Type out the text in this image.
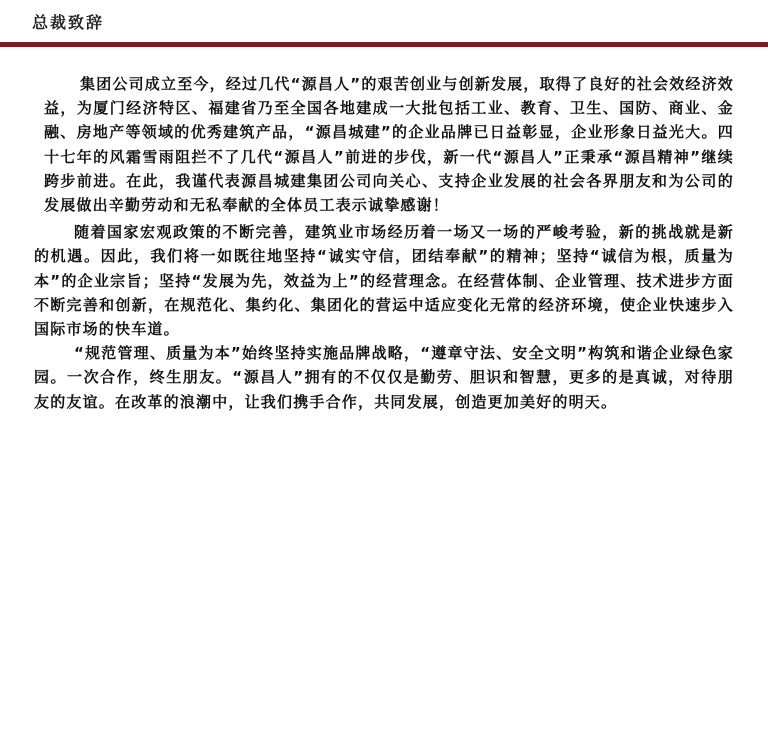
总裁致辞

集团公司成立至今，经过几代“源昌人”的艰苦创业与创新发展，取得了良好的社会效经济效益，为厦门经济特区、福建省乃至全国各地建成一大批包括工业、教育、卫生、国防、商业、金融、房地产等领域的优秀建筑产品，“源昌城建”的企业品牌已日益彰显，企业形象日益光大。四十七年的风霜雪雨阻拦不了几代“源昌人”前进的步伐，新一代“源昌人”正秉承“源昌精神”继续跨步前进。在此，我谨代表源昌城建集团公司向关心、支持企业发展的社会各界朋友和为公司的发展做出辛勤劳动和无私奉献的全体员工表示诚挚感谢！

随着国家宏观政策的不断完善，建筑业市场经历着一场又一场的严峻考验，新的挑战就是新的机遇。因此，我们将一如既往地坚持“诚实守信，团结奉献”的精神；坚持“诚信为根，质量为本”的企业宗旨；坚持“发展为先，效益为上”的经营理念。在经营体制、企业管理、技术进步方面不断完善和创新，在规范化、集约化、集团化的营运中适应变化无常的经济环境，使企业快速步入国际市场的快车道。

“规范管理、质量为本”始终坚持实施品牌战略，“遵章守法、安全文明”构筑和谐企业绿色家园。一次合作，终生朋友。“源昌人”拥有的不仅仅是勤劳、胆识和智慧，更多的是真诚，对待朋友的友谊。在改革的浪潮中，让我们携手合作，共同发展，创造更加美好的明天。
